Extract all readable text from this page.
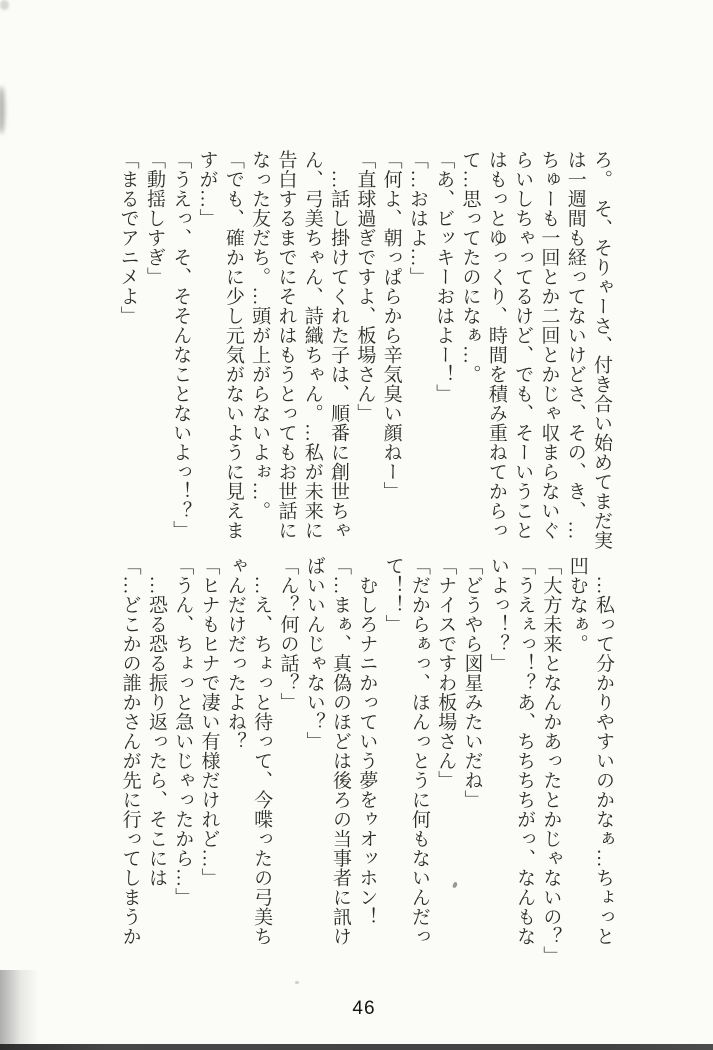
ろ。　そ、そりゃーさ、付き合い始めてまだ実
は一週間も経ってないけどさ、その、き、…
ちゅーも一回とか二回とかじゃ収まらないぐ
らいしちゃってるけど、でも、そーいうこと
はもっとゆっくり、時間を積み重ねてからっ
て…思ってたのになぁ…。
「あ、ビッキーおはよー！」
「…おはよ…」
「何よ、朝っぱらから辛気臭い顔ねー」
「直球過ぎですよ、板場さん」
　…話し掛けてくれた子は、順番に創世ちゃ
ん、弓美ちゃん、詩織ちゃん。…私が未来に
告白するまでにそれはもうとってもお世話に
なった友だち。…頭が上がらないよぉ…。
「でも、確かに少し元気がないように見えま
すが…」
「うえっ、そ、そそんなことないよっ！？」
「動揺しすぎ」
「まるでアニメよ」
　…私って分かりやすいのかなぁ…ちょっと
凹むなぁ。
「大方未来となんかあったとかじゃないの？」
「うえぇっ！？あ、ちちちちがっ、なんもな
いよっ！？」
「どうやら図星みたいだね」
「ナイスですわ板場さん」
「だからぁっ、ほんっとうに何もないんだっ
て！！」
　むしろナニかっていう夢をゥオッホン！
「…まぁ、真偽のほどは後ろの当事者に訊け
ばいいんじゃない？」
「ん？何の話？」
　…え、ちょっと待って、今喋ったの弓美ち
ゃんだけだったよね？
「ヒナもヒナで凄い有様だけれど…」
「うん、ちょっと急いじゃったから…」
　…恐る恐る振り返ったら、そこには
「…どこかの誰かさんが先に行ってしまうか
46
